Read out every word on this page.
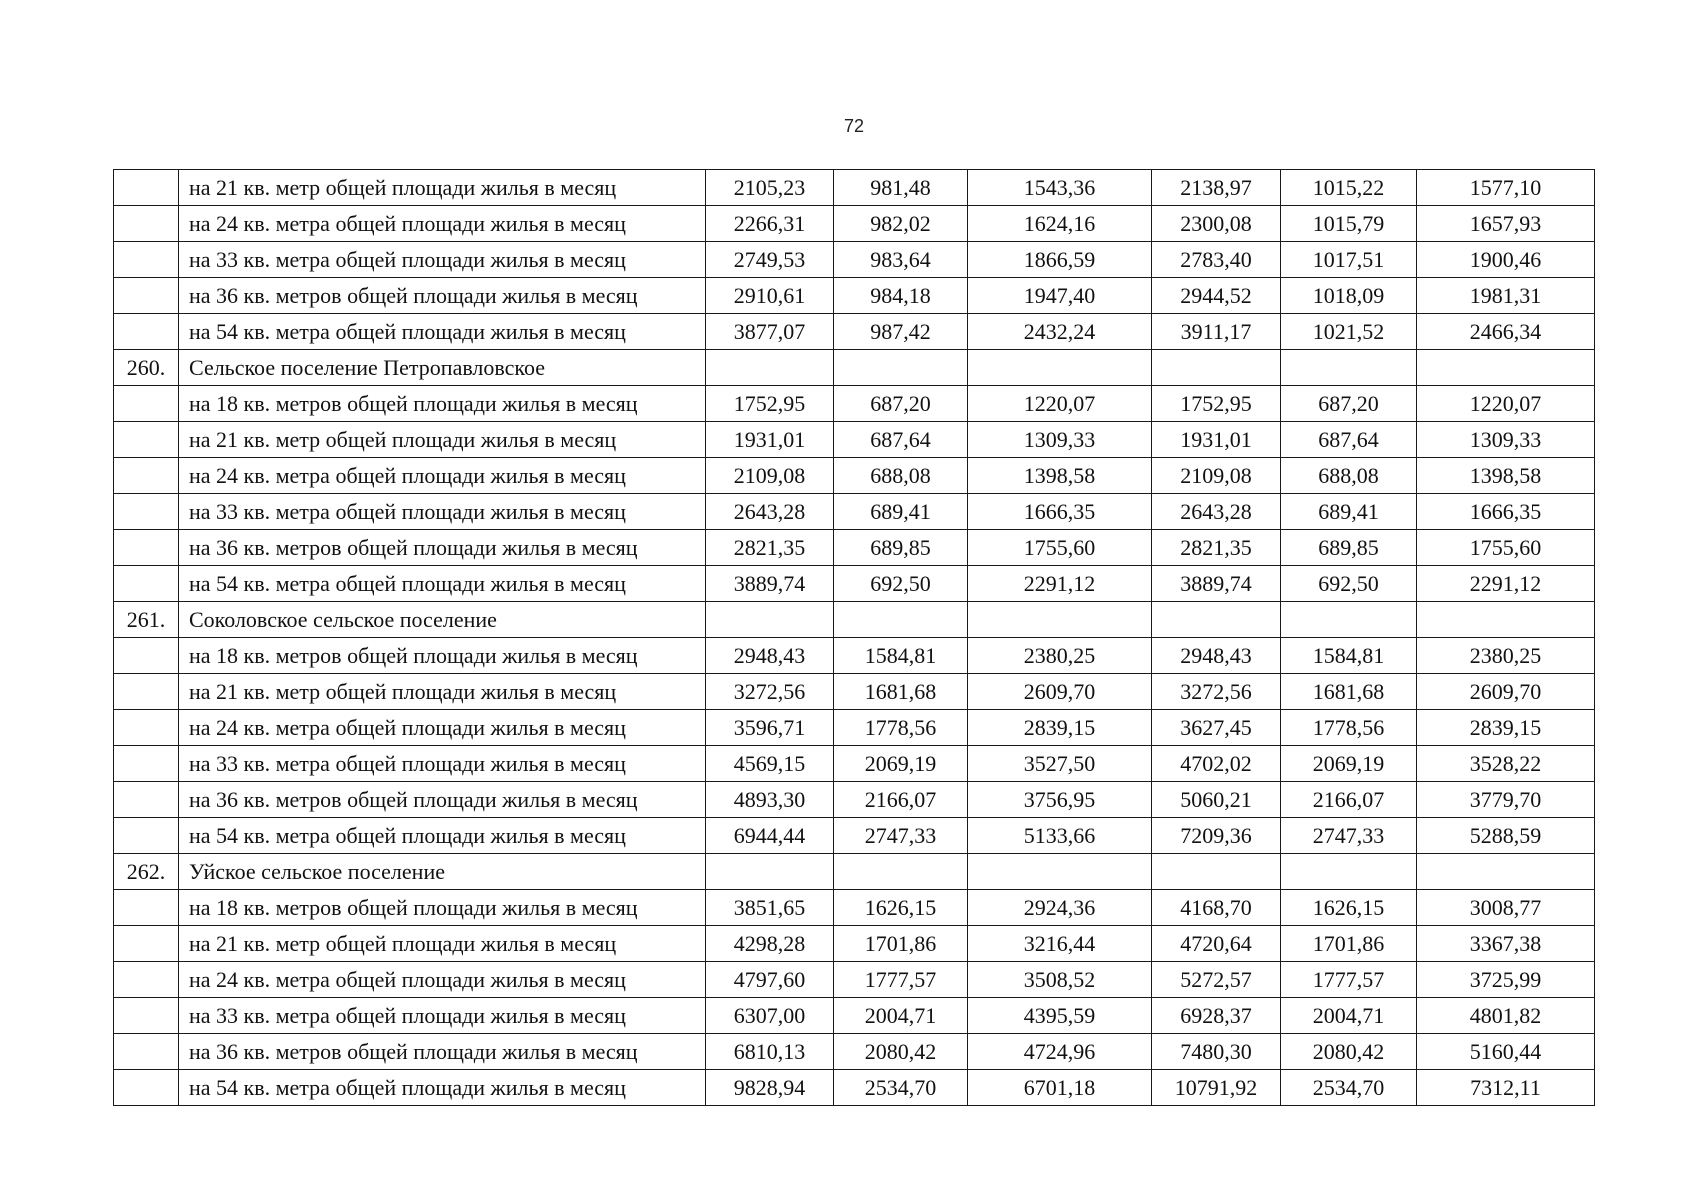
72
	на 21 кв. метр общей площади жилья в месяц	2105,23	981,48	1543,36	2138,97	1015,22	1577,10
	на 24 кв. метра общей площади жилья в месяц	2266,31	982,02	1624,16	2300,08	1015,79	1657,93
	на 33 кв. метра общей площади жилья в месяц	2749,53	983,64	1866,59	2783,40	1017,51	1900,46
	на 36 кв. метров общей площади жилья в месяц	2910,61	984,18	1947,40	2944,52	1018,09	1981,31
	на 54 кв. метра общей площади жилья в месяц	3877,07	987,42	2432,24	3911,17	1021,52	2466,34
260.	Сельское поселение Петропавловское						
	на 18 кв. метров общей площади жилья в месяц	1752,95	687,20	1220,07	1752,95	687,20	1220,07
	на 21 кв. метр общей площади жилья в месяц	1931,01	687,64	1309,33	1931,01	687,64	1309,33
	на 24 кв. метра общей площади жилья в месяц	2109,08	688,08	1398,58	2109,08	688,08	1398,58
	на 33 кв. метра общей площади жилья в месяц	2643,28	689,41	1666,35	2643,28	689,41	1666,35
	на 36 кв. метров общей площади жилья в месяц	2821,35	689,85	1755,60	2821,35	689,85	1755,60
	на 54 кв. метра общей площади жилья в месяц	3889,74	692,50	2291,12	3889,74	692,50	2291,12
261.	Соколовское сельское поселение						
	на 18 кв. метров общей площади жилья в месяц	2948,43	1584,81	2380,25	2948,43	1584,81	2380,25
	на 21 кв. метр общей площади жилья в месяц	3272,56	1681,68	2609,70	3272,56	1681,68	2609,70
	на 24 кв. метра общей площади жилья в месяц	3596,71	1778,56	2839,15	3627,45	1778,56	2839,15
	на 33 кв. метра общей площади жилья в месяц	4569,15	2069,19	3527,50	4702,02	2069,19	3528,22
	на 36 кв. метров общей площади жилья в месяц	4893,30	2166,07	3756,95	5060,21	2166,07	3779,70
	на 54 кв. метра общей площади жилья в месяц	6944,44	2747,33	5133,66	7209,36	2747,33	5288,59
262.	Уйское сельское поселение						
	на 18 кв. метров общей площади жилья в месяц	3851,65	1626,15	2924,36	4168,70	1626,15	3008,77
	на 21 кв. метр общей площади жилья в месяц	4298,28	1701,86	3216,44	4720,64	1701,86	3367,38
	на 24 кв. метра общей площади жилья в месяц	4797,60	1777,57	3508,52	5272,57	1777,57	3725,99
	на 33 кв. метра общей площади жилья в месяц	6307,00	2004,71	4395,59	6928,37	2004,71	4801,82
	на 36 кв. метров общей площади жилья в месяц	6810,13	2080,42	4724,96	7480,30	2080,42	5160,44
	на 54 кв. метра общей площади жилья в месяц	9828,94	2534,70	6701,18	10791,92	2534,70	7312,11
